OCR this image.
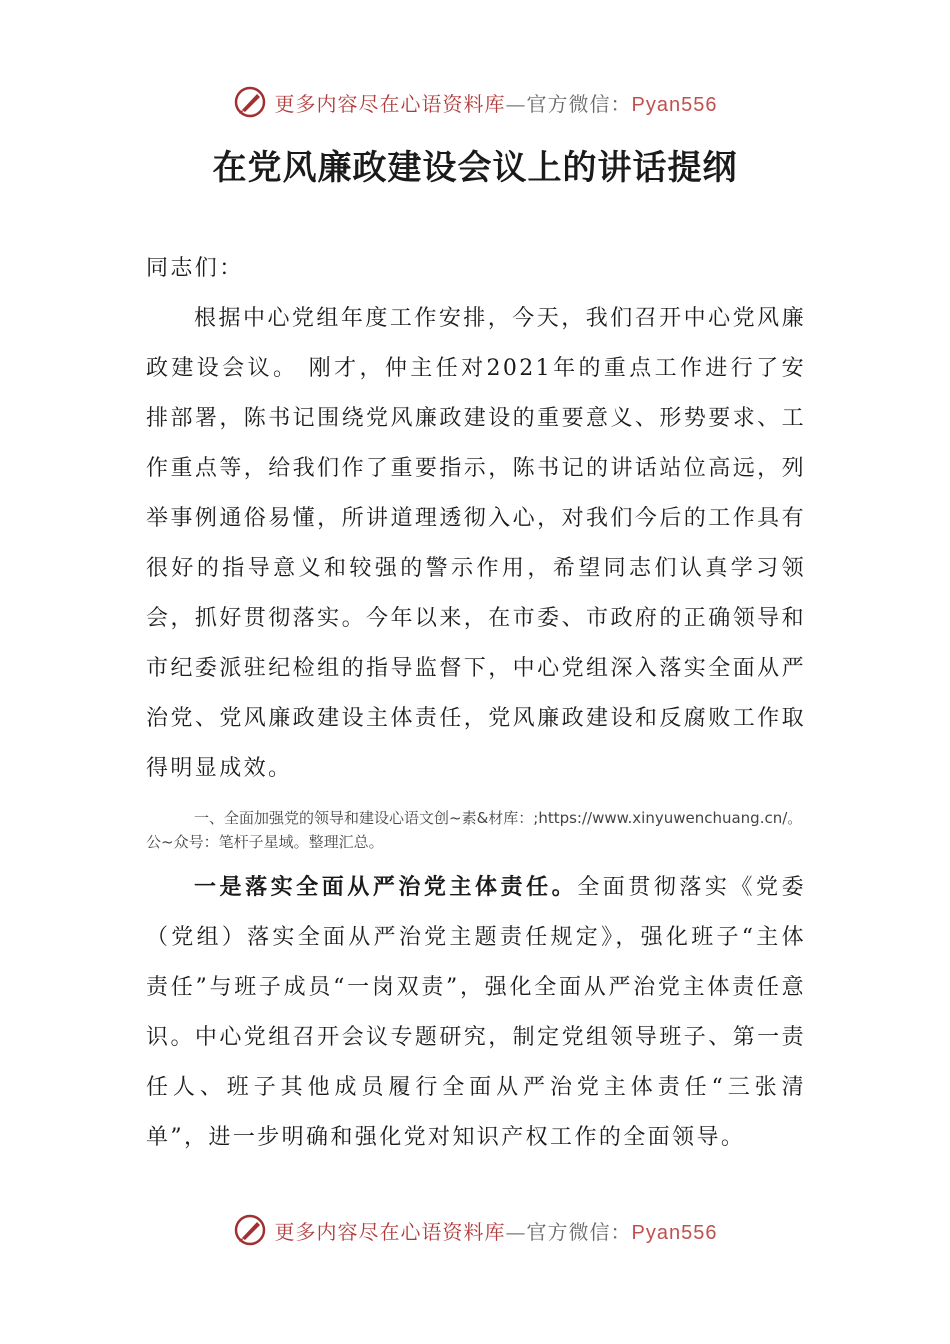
更多内容尽在心语资料库—官方微信：Pyan556
在党风廉政建设会议上的讲话提纲

同志们：

根据中心党组年度工作安排，今天，我们召开中心党风廉政建设会议。 刚才，仲主任对2021年的重点工作进行了安排部署，陈书记围绕党风廉政建设的重要意义、形势要求、工作重点等，给我们作了重要指示，陈书记的讲话站位高远，列举事例通俗易懂，所讲道理透彻入心，对我们今后的工作具有很好的指导意义和较强的警示作用，希望同志们认真学习领会，抓好贯彻落实。今年以来，在市委、市政府的正确领导和市纪委派驻纪检组的指导监督下，中心党组深入落实全面从严治党、党风廉政建设主体责任，党风廉政建设和反腐败工作取得明显成效。

一、全面加强党的领导和建设心语文创~素&材库：;https://www.xinyuwenchuang.cn/。公~众号：笔杆子星域。整理汇总。

一是落实全面从严治党主体责任。全面贯彻落实《党委（党组）落实全面从严治党主题责任规定》，强化班子“主体责任”与班子成员“一岗双责”，强化全面从严治党主体责任意识。中心党组召开会议专题研究，制定党组领导班子、第一责任人、班子其他成员履行全面从严治党主体责任“三张清单”，进一步明确和强化党对知识产权工作的全面领导。

更多内容尽在心语资料库—官方微信：Pyan556
